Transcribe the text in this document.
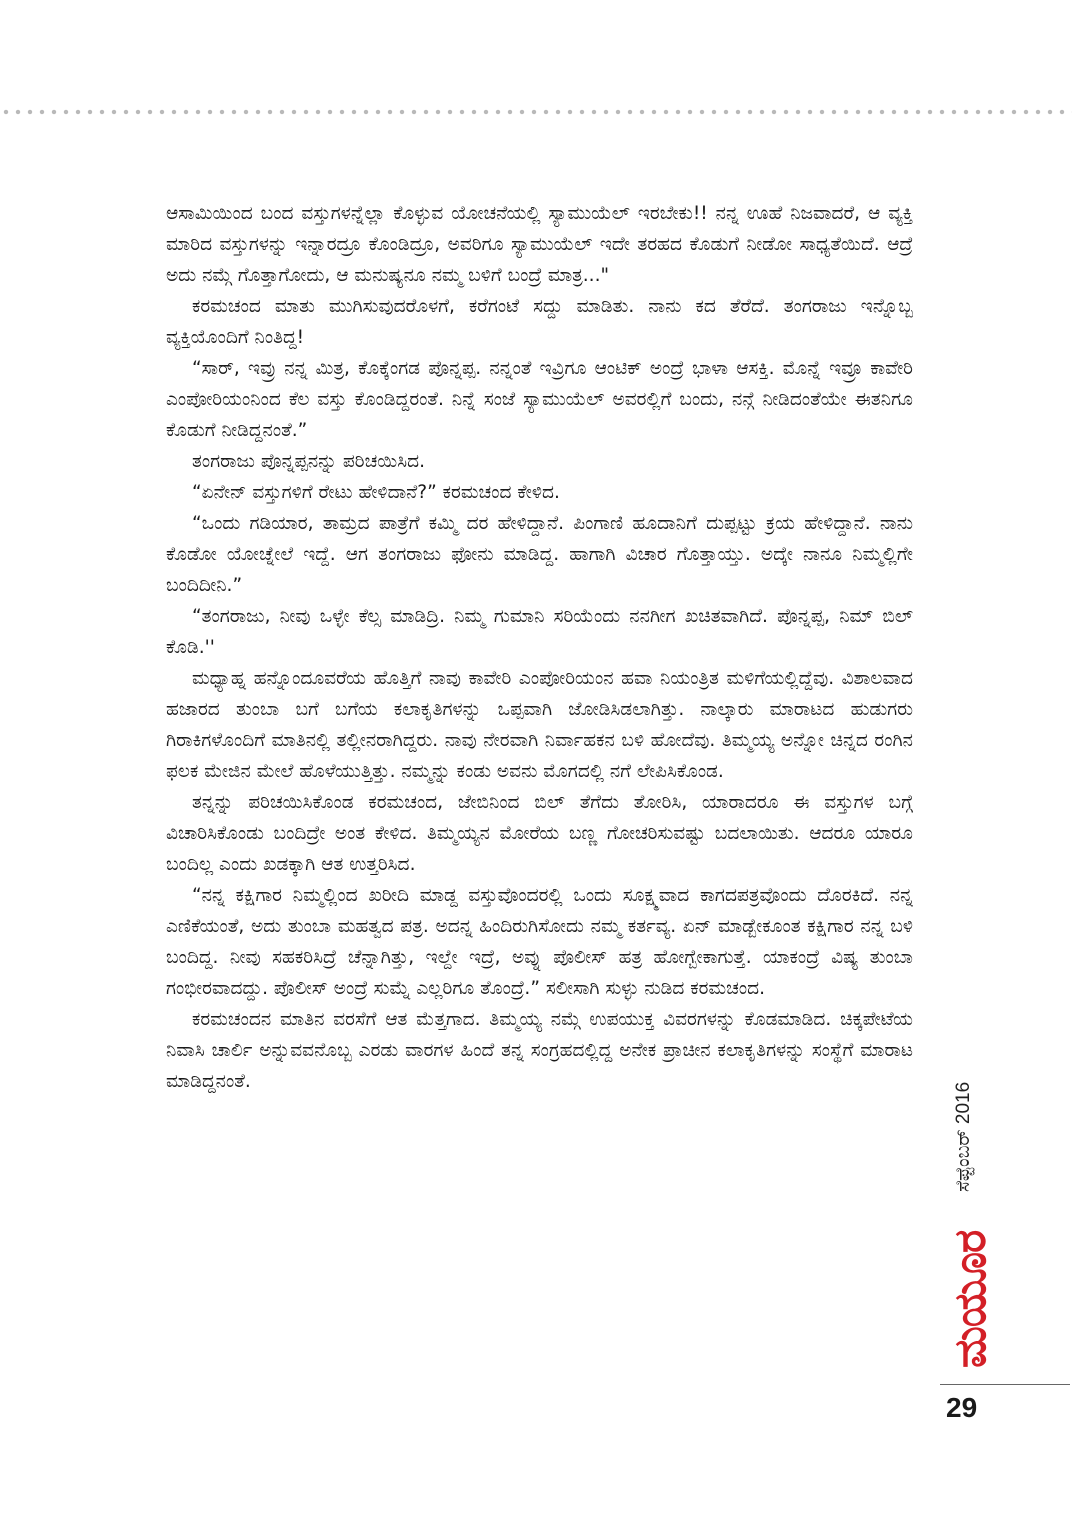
ಆಸಾಮಿಯಿಂದ ಬಂದ ವಸ್ತುಗಳನ್ನೆಲ್ಲಾ ಕೊಳ್ಳುವ ಯೋಚನೆಯಲ್ಲಿ ಸ್ಯಾಮುಯೆಲ್ ಇರಬೇಕು!! ನನ್ನ ಊಹೆ ನಿಜವಾದರೆ, ಆ ವ್ಯಕ್ತಿ ಮಾರಿದ ವಸ್ತುಗಳನ್ನು ಇನ್ನಾರದ್ರೂ ಕೊಂಡಿದ್ರೂ, ಅವರಿಗೂ ಸ್ಯಾಮುಯೆಲ್ ಇದೇ ತರಹದ ಕೊಡುಗೆ ನೀಡೋ ಸಾಧ್ಯತೆಯಿದೆ. ಆದ್ರೆ ಅದು ನಮ್ಗೆ ಗೊತ್ತಾಗೋದು, ಆ ಮನುಷ್ಯನೂ ನಮ್ಮ ಬಳಿಗೆ ಬಂದ್ರೆ ಮಾತ್ರ..."

ಕರಮಚಂದ ಮಾತು ಮುಗಿಸುವುದರೊಳಗೆ, ಕರೆಗಂಟೆ ಸದ್ದು ಮಾಡಿತು. ನಾನು ಕದ ತೆರೆದೆ. ತಂಗರಾಜು ಇನ್ನೊಬ್ಬ ವ್ಯಕ್ತಿಯೊಂದಿಗೆ ನಿಂತಿದ್ದ!

“ಸಾರ್, ಇವ್ರು ನನ್ನ ಮಿತ್ರ, ಕೊಕ್ಕೆಂಗಡ ಪೊನ್ನಪ್ಪ. ನನ್ನಂತೆ ಇವ್ರಿಗೂ ಆಂಟಿಕ್ ಅಂದ್ರೆ ಭಾಳಾ ಆಸಕ್ತಿ. ಮೊನ್ನೆ ಇವ್ರೂ ಕಾವೇರಿ ಎಂಪೋರಿಯಂನಿಂದ ಕೆಲ ವಸ್ತು ಕೊಂಡಿದ್ದರಂತೆ. ನಿನ್ನೆ ಸಂಜೆ ಸ್ಯಾಮುಯೆಲ್ ಅವರಲ್ಲಿಗೆ ಬಂದು, ನನ್ಗೆ ನೀಡಿದಂತೆಯೇ ಈತನಿಗೂ ಕೊಡುಗೆ ನೀಡಿದ್ದನಂತೆ.”

ತಂಗರಾಜು ಪೊನ್ನಪ್ಪನನ್ನು ಪರಿಚಯಿಸಿದ.

“ಏನೇನ್ ವಸ್ತುಗಳಿಗೆ ರೇಟು ಹೇಳಿದಾನೆ?” ಕರಮಚಂದ ಕೇಳಿದ.

“ಒಂದು ಗಡಿಯಾರ, ತಾಮ್ರದ ಪಾತ್ರೆಗೆ ಕಮ್ಮಿ ದರ ಹೇಳಿದ್ದಾನೆ. ಪಿಂಗಾಣಿ ಹೂದಾನಿಗೆ ದುಪ್ಪಟ್ಟು ಕ್ರಯ ಹೇಳಿದ್ದಾನೆ. ನಾನು ಕೊಡೋ ಯೋಚ್ನೇಲೆ ಇದ್ದೆ. ಆಗ ತಂಗರಾಜು ಫೋನು ಮಾಡಿದ್ದ. ಹಾಗಾಗಿ ವಿಚಾರ ಗೊತ್ತಾಯ್ತು. ಅದ್ಕೇ ನಾನೂ ನಿಮ್ಮಲ್ಲಿಗೇ ಬಂದಿದೀನಿ.”

“ತಂಗರಾಜು, ನೀವು ಒಳ್ಳೇ ಕೆಲ್ಸ ಮಾಡಿದ್ರಿ. ನಿಮ್ಮ ಗುಮಾನಿ ಸರಿಯೆಂದು ನನಗೀಗ ಖಚಿತವಾಗಿದೆ. ಪೊನ್ನಪ್ಪ, ನಿಮ್ ಬಿಲ್ ಕೊಡಿ.''

ಮಧ್ಯಾಹ್ನ ಹನ್ನೊಂದೂವರೆಯ ಹೊತ್ತಿಗೆ ನಾವು ಕಾವೇರಿ ಎಂಪೋರಿಯಂನ ಹವಾ ನಿಯಂತ್ರಿತ ಮಳಿಗೆಯಲ್ಲಿದ್ದೆವು. ವಿಶಾಲವಾದ ಹಜಾರದ ತುಂಬಾ ಬಗೆ ಬಗೆಯ ಕಲಾಕೃತಿಗಳನ್ನು ಒಪ್ಪವಾಗಿ ಜೋಡಿಸಿಡಲಾಗಿತ್ತು. ನಾಲ್ಕಾರು ಮಾರಾಟದ ಹುಡುಗರು ಗಿರಾಕಿಗಳೊಂದಿಗೆ ಮಾತಿನಲ್ಲಿ ತಲ್ಲೀನರಾಗಿದ್ದರು. ನಾವು ನೇರವಾಗಿ ನಿರ್ವಾಹಕನ ಬಳಿ ಹೋದೆವು. ತಿಮ್ಮಯ್ಯ ಅನ್ನೋ ಚಿನ್ನದ ರಂಗಿನ ಫಲಕ ಮೇಜಿನ ಮೇಲೆ ಹೊಳೆಯುತ್ತಿತ್ತು. ನಮ್ಮನ್ನು ಕಂಡು ಅವನು ಮೊಗದಲ್ಲಿ ನಗೆ ಲೇಪಿಸಿಕೊಂಡ.

ತನ್ನನ್ನು ಪರಿಚಯಿಸಿಕೊಂಡ ಕರಮಚಂದ, ಜೇಬಿನಿಂದ ಬಿಲ್ ತೆಗೆದು ತೋರಿಸಿ, ಯಾರಾದರೂ ಈ ವಸ್ತುಗಳ ಬಗ್ಗೆ ವಿಚಾರಿಸಿಕೊಂಡು ಬಂದಿದ್ರೇ ಅಂತ ಕೇಳಿದ. ತಿಮ್ಮಯ್ಯನ ಮೋರೆಯ ಬಣ್ಣ ಗೋಚರಿಸುವಷ್ಟು ಬದಲಾಯಿತು. ಆದರೂ ಯಾರೂ ಬಂದಿಲ್ಲ ಎಂದು ಖಡಕ್ಕಾಗಿ ಆತ ಉತ್ತರಿಸಿದ.

“ನನ್ನ ಕಕ್ಷಿಗಾರ ನಿಮ್ಮಲ್ಲಿಂದ ಖರೀದಿ ಮಾಡ್ದ ವಸ್ತುವೊಂದರಲ್ಲಿ ಒಂದು ಸೂಕ್ಷ್ಮವಾದ ಕಾಗದಪತ್ರವೊಂದು ದೊರಕಿದೆ. ನನ್ನ ಎಣಿಕೆಯಂತೆ, ಅದು ತುಂಬಾ ಮಹತ್ವದ ಪತ್ರ. ಅದನ್ನ ಹಿಂದಿರುಗಿಸೋದು ನಮ್ಮ ಕರ್ತವ್ಯ. ಏನ್ ಮಾಡ್ಬೇಕೂಂತ ಕಕ್ಷಿಗಾರ ನನ್ನ ಬಳಿ ಬಂದಿದ್ದ. ನೀವು ಸಹಕರಿಸಿದ್ರೆ ಚೆನ್ನಾಗಿತ್ತು, ಇಲ್ದೇ ಇದ್ರೆ, ಅವ್ನು ಪೊಲೀಸ್ ಹತ್ರ ಹೋಗ್ಬೇಕಾಗುತ್ತೆ. ಯಾಕಂದ್ರೆ ವಿಷ್ಯ ತುಂಬಾ ಗಂಭೀರವಾದದ್ದು. ಪೊಲೀಸ್ ಅಂದ್ರೆ ಸುಮ್ನೆ ಎಲ್ಲರಿಗೂ ತೊಂದ್ರೆ.” ಸಲೀಸಾಗಿ ಸುಳ್ಳು ನುಡಿದ ಕರಮಚಂದ.

ಕರಮಚಂದನ ಮಾತಿನ ವರಸೆಗೆ ಆತ ಮೆತ್ತಗಾದ. ತಿಮ್ಮಯ್ಯ ನಮ್ಗೆ ಉಪಯುಕ್ತ ವಿವರಗಳನ್ನು ಕೊಡಮಾಡಿದ. ಚಿಕ್ಕಪೇಟೆಯ ನಿವಾಸಿ ಚಾರ್ಲಿ ಅನ್ನುವವನೊಬ್ಬ ಎರಡು ವಾರಗಳ ಹಿಂದೆ ತನ್ನ ಸಂಗ್ರಹದಲ್ಲಿದ್ದ ಅನೇಕ ಪ್ರಾಚೀನ ಕಲಾಕೃತಿಗಳನ್ನು ಸಂಸ್ಥೆಗೆ ಮಾರಾಟ ಮಾಡಿದ್ದನಂತೆ.

ಸೆಪ್ಟೆಂಬರ್ 2016
ಮಯೂರ
29
